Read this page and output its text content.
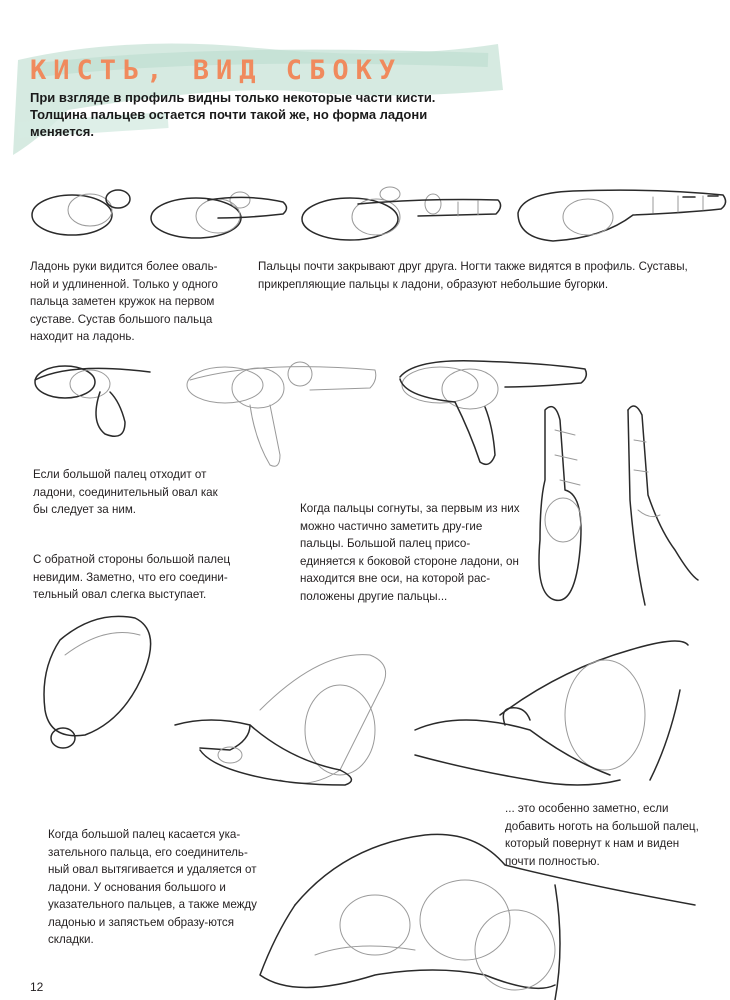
КИСТЬ, ВИД СБОКУ

При взгляде в профиль видны только некоторые части кисти. Толщина пальцев остается почти такой же, но форма ладони меняется.

Ладонь руки видится более оваль-ной и удлиненной. Только у одного пальца заметен кружок на первом суставе. Сустав большого пальца находит на ладонь.

Пальцы почти закрывают друг друга. Ногти также видятся в профиль. Суставы, прикрепляющие пальцы к ладони, образуют небольшие бугорки.

Если большой палец отходит от ладони, соединительный овал как бы следует за ним.

С обратной стороны большой палец невидим. Заметно, что его соедини-тельный овал слегка выступает.

Когда пальцы согнуты, за первым из них можно частично заметить дру-гие пальцы. Большой палец присо-единяется к боковой стороне ладони, он находится вне оси, на которой рас-положены другие пальцы...

... это особенно заметно, если добавить ноготь на большой палец, который повернут к нам и виден почти полностью.

Когда большой палец касается ука-зательного пальца, его соединитель-ный овал вытягивается и удаляется от ладони. У основания большого и указательного пальцев, а также между ладонью и запястьем образу-ются складки.

12
